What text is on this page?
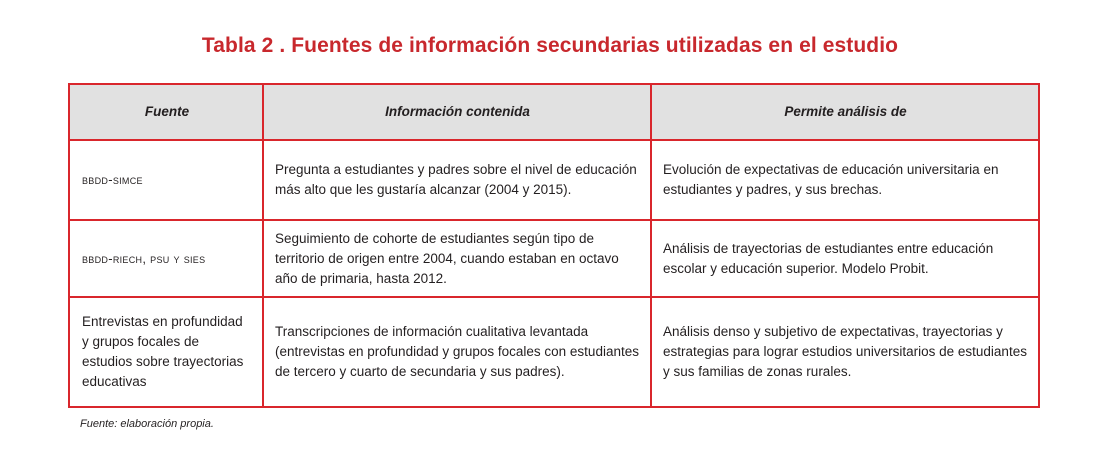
Tabla 2 . Fuentes de información secundarias utilizadas en el estudio
Fuente	Información contenida	Permite análisis de
bbdd-simce
Pregunta a estudiantes y padres sobre el nivel de educación más alto que les gustaría alcanzar (2004 y 2015).
Evolución de expectativas de educación universitaria en estudiantes y padres, y sus brechas.
bbdd-riech, psu y sies
Seguimiento de cohorte de estudiantes según tipo de territorio de origen entre 2004, cuando estaban en octavo año de primaria, hasta 2012.
Análisis de trayectorias de estudiantes entre educación escolar y educación superior. Modelo Probit.
Entrevistas en profundidad y grupos focales de estudios sobre trayectorias educativas
Transcripciones de información cualitativa levantada (entrevistas en profundidad y grupos focales con estudiantes de tercero y cuarto de secundaria y sus padres).
Análisis denso y subjetivo de expectativas, trayectorias y estrategias para lograr estudios universitarios de estudiantes y sus familias de zonas rurales.
Fuente: elaboración propia.
